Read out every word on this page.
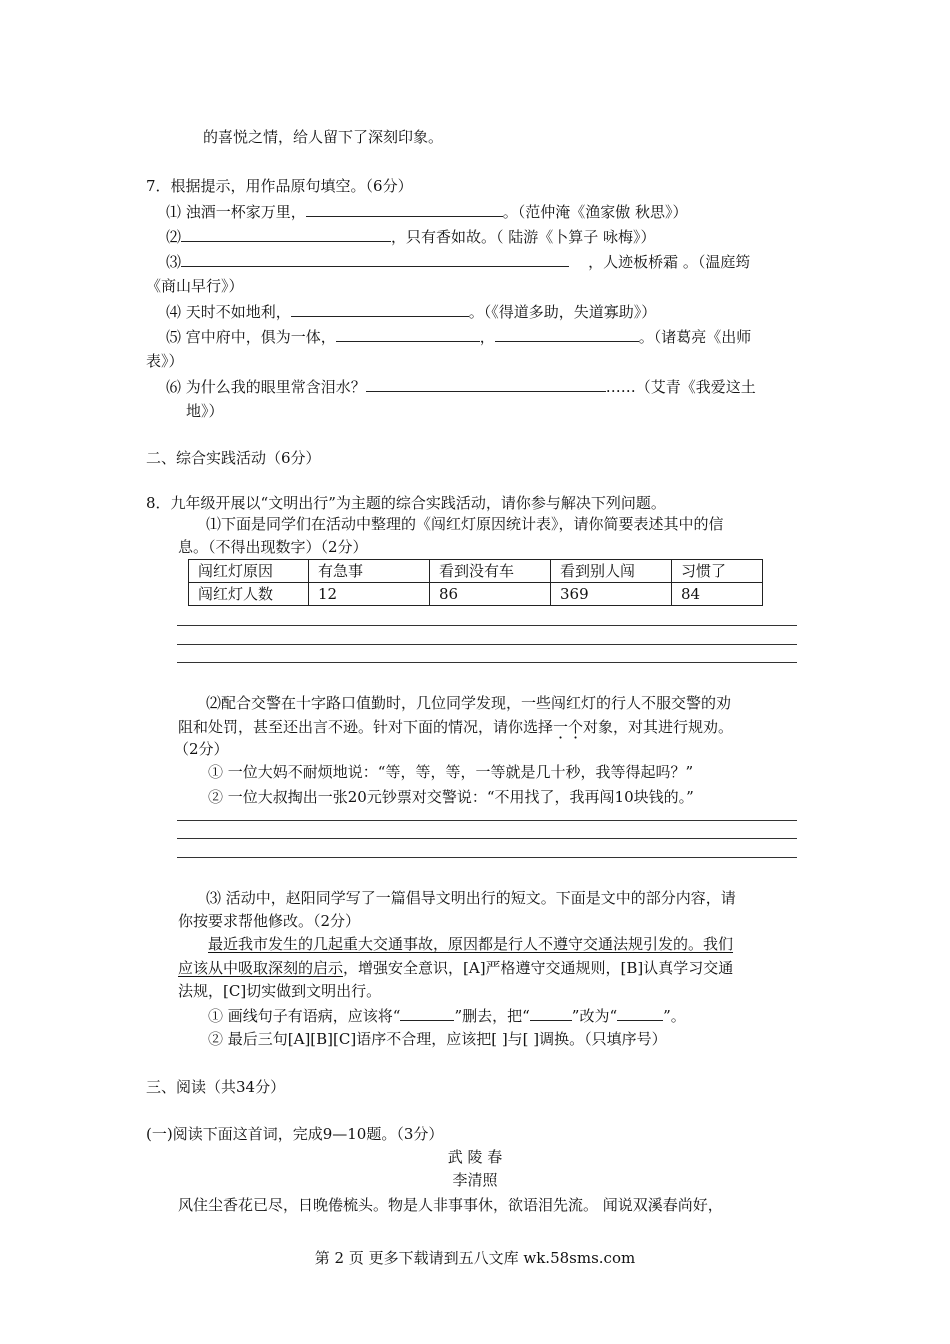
的喜悦之情，给人留下了深刻印象。
7．根据提示，用作品原句填空。（6分）
⑴ 浊酒一杯家万里，	。（范仲淹《渔家傲 秋思》）
⑵	，只有香如故。（ 陆游《卜算子 咏梅》）
⑶	，人迹板桥霜 。（温庭筠
《商山早行》）
⑷ 天时不如地利，	。（《得道多助，失道寡助》）
⑸ 宫中府中，俱为一体，	，	。（诸葛亮《出师
表》）
⑹ 为什么我的眼里常含泪水？	……（艾青《我爱这土
地》）
二、综合实践活动（6分）
8．九年级开展以“文明出行”为主题的综合实践活动，请你参与解决下列问题。
⑴下面是同学们在活动中整理的《闯红灯原因统计表》，请你简要表述其中的信
息。（不得出现数字）（2分）
闯红灯原因	有急事	看到没有车	看到别人闯	习惯了
闯红灯人数	12	86	369	84
⑵配合交警在十字路口值勤时，几位同学发现，一些闯红灯的行人不服交警的劝
阻和处罚，甚至还出言不逊。针对下面的情况，请你选择一个对象，对其进行规劝。
（2分）
① 一位大妈不耐烦地说：“等，等，等，一等就是几十秒，我等得起吗？”
② 一位大叔掏出一张20元钞票对交警说：“不用找了，我再闯10块钱的。”
⑶ 活动中，赵阳同学写了一篇倡导文明出行的短文。下面是文中的部分内容，请
你按要求帮他修改。（2分）
最近我市发生的几起重大交通事故，原因都是行人不遵守交通法规引发的。我们
应该从中吸取深刻的启示，增强安全意识，[A]严格遵守交通规则，[B]认真学习交通
法规，[C]切实做到文明出行。
① 画线句子有语病，应该将“	”删去，把“	”改为“	”。
② 最后三句[A][B][C]语序不合理，应该把[ ]与[ ]调换。（只填序号）
三、阅读（共34分）
(一)阅读下面这首词，完成9—10题。（3分）
武 陵 春
李清照
风住尘香花已尽，日晚倦梳头。物是人非事事休，欲语泪先流。 闻说双溪春尚好，
第 2 页 更多下载请到五八文库 wk.58sms.com
